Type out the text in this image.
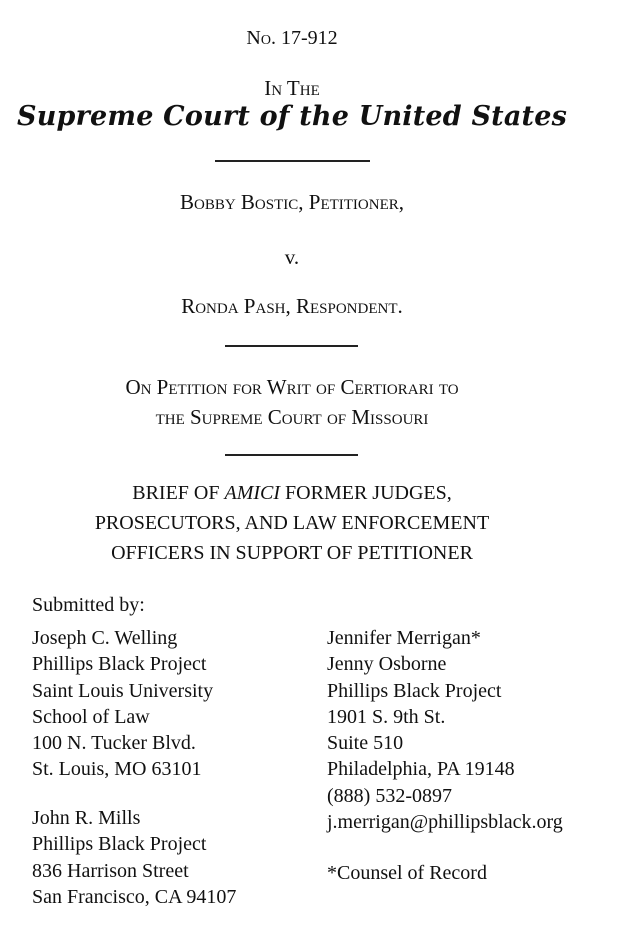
No. 17-912
In The
Supreme Court of the United States
Bobby Bostic, Petitioner,
v.
Ronda Pash, Respondent.
On Petition for Writ of Certiorari to
the Supreme Court of Missouri
BRIEF OF AMICI FORMER JUDGES,
PROSECUTORS, AND LAW ENFORCEMENT
OFFICERS IN SUPPORT OF PETITIONER
Submitted by:
Joseph C. Welling
Phillips Black Project
Saint Louis University
School of Law
100 N. Tucker Blvd.
St. Louis, MO 63101
John R. Mills
Phillips Black Project
836 Harrison Street
San Francisco, CA 94107
Jennifer Merrigan*
Jenny Osborne
Phillips Black Project
1901 S. 9th St.
Suite 510
Philadelphia, PA 19148
(888) 532-0897
j.merrigan@phillipsblack.org
*Counsel of Record
